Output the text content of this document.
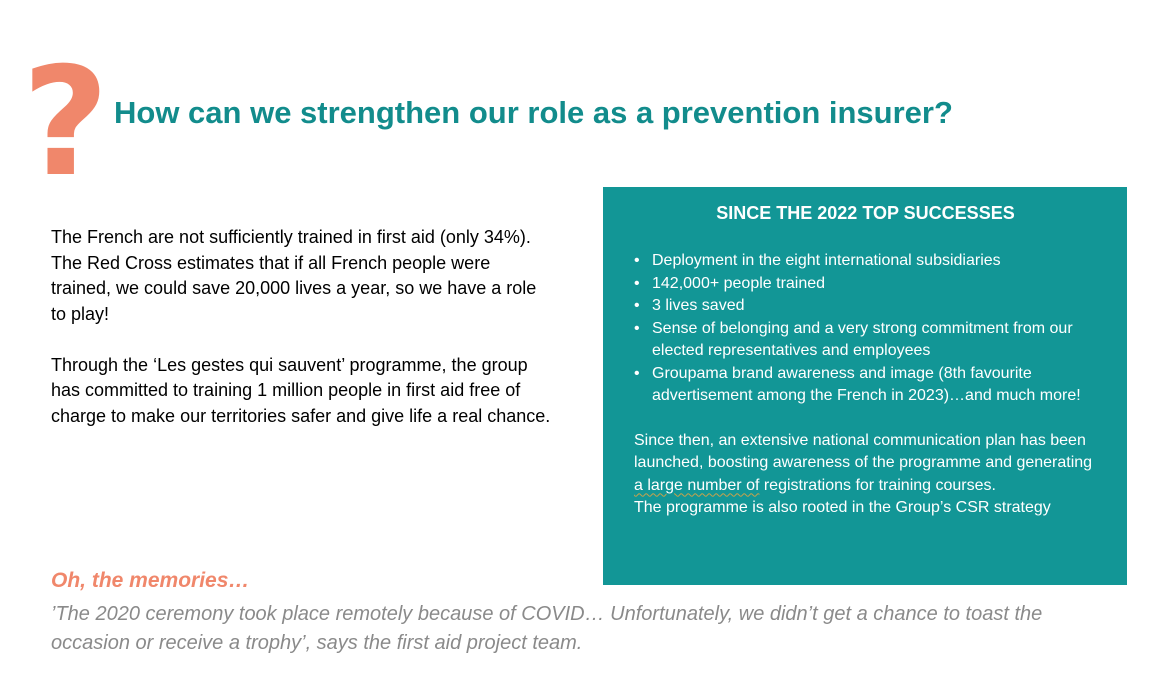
? How can we strengthen our role as a prevention insurer?

The French are not sufficiently trained in first aid (only 34%).

The Red Cross estimates that if all French people were trained, we could save 20,000 lives a year, so we have a role to play!

Through the ‘Les gestes qui sauvent’ programme, the group has committed to training 1 million people in first aid free of charge to make our territories safer and give life a real chance.

SINCE THE 2022 TOP SUCCESSES
• Deployment in the eight international subsidiaries
• 142,000+ people trained
• 3 lives saved
• Sense of belonging and a very strong commitment from our elected representatives and employees
• Groupama brand awareness and image (8th favourite advertisement among the French in 2023)…and much more!

Since then, an extensive national communication plan has been launched, boosting awareness of the programme and generating a large number of registrations for training courses.

The programme is also rooted in the Group’s CSR strategy

Oh, the memories…

’The 2020 ceremony took place remotely because of COVID… Unfortunately, we didn’t get a chance to toast the occasion or receive a trophy’, says the first aid project team.
